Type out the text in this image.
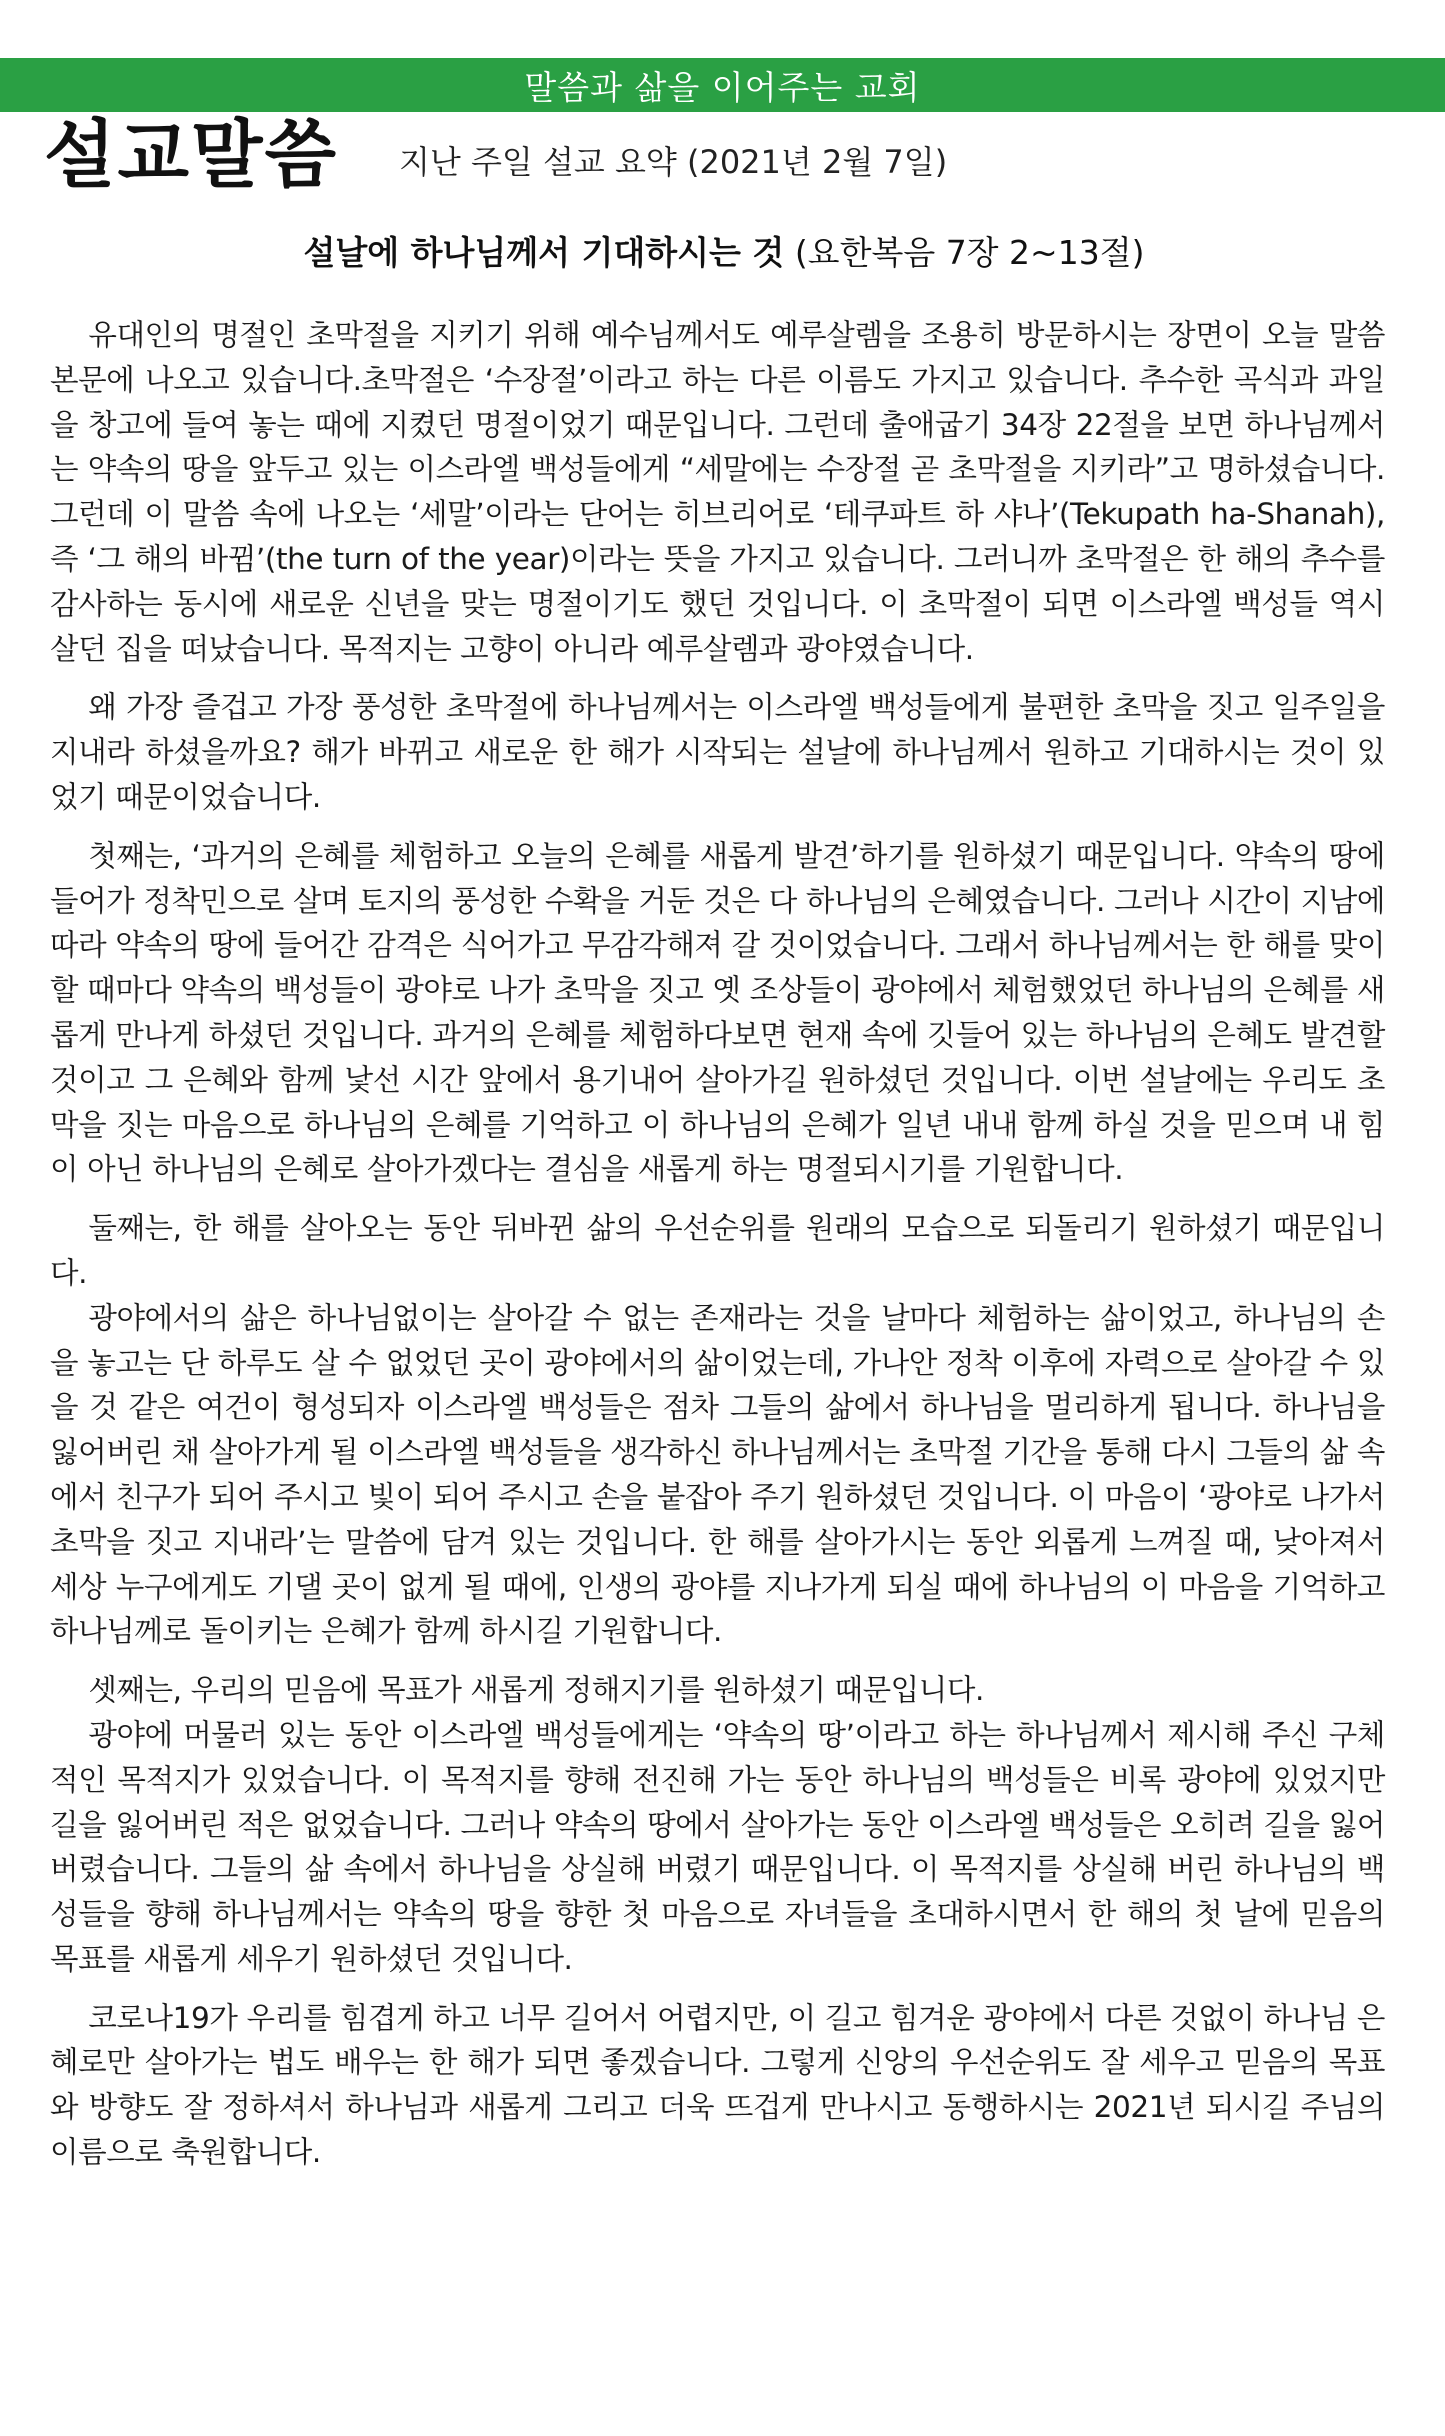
말씀과 삶을 이어주는 교회
설교말씀 지난 주일 설교 요약 (2021년 2월 7일)
설날에 하나님께서 기대하시는 것 (요한복음 7장 2~13절)

유대인의 명절인 초막절을 지키기 위해 예수님께서도 예루살렘을 조용히 방문하시는 장면이 오늘 말씀 본문에 나오고 있습니다.초막절은 ‘수장절’이라고 하는 다른 이름도 가지고 있습니다. 추수한 곡식과 과일을 창고에 들여 놓는 때에 지켰던 명절이었기 때문입니다. 그런데 출애굽기 34장 22절을 보면 하나님께서는 약속의 땅을 앞두고 있는 이스라엘 백성들에게 “세말에는 수장절 곧 초막절을 지키라”고 명하셨습니다. 그런데 이 말씀 속에 나오는 ‘세말’이라는 단어는 히브리어로 ‘테쿠파트 하 샤나’(Tekupath ha-Shanah), 즉 ‘그 해의 바뀜’(the turn of the year)이라는 뜻을 가지고 있습니다. 그러니까 초막절은 한 해의 추수를 감사하는 동시에 새로운 신년을 맞는 명절이기도 했던 것입니다. 이 초막절이 되면 이스라엘 백성들 역시 살던 집을 떠났습니다. 목적지는 고향이 아니라 예루살렘과 광야였습니다.

왜 가장 즐겁고 가장 풍성한 초막절에 하나님께서는 이스라엘 백성들에게 불편한 초막을 짓고 일주일을 지내라 하셨을까요? 해가 바뀌고 새로운 한 해가 시작되는 설날에 하나님께서 원하고 기대하시는 것이 있었기 때문이었습니다.

첫째는, ‘과거의 은혜를 체험하고 오늘의 은혜를 새롭게 발견’하기를 원하셨기 때문입니다. 약속의 땅에 들어가 정착민으로 살며 토지의 풍성한 수확을 거둔 것은 다 하나님의 은혜였습니다. 그러나 시간이 지남에 따라 약속의 땅에 들어간 감격은 식어가고 무감각해져 갈 것이었습니다. 그래서 하나님께서는 한 해를 맞이할 때마다 약속의 백성들이 광야로 나가 초막을 짓고 옛 조상들이 광야에서 체험했었던 하나님의 은혜를 새롭게 만나게 하셨던 것입니다. 과거의 은혜를 체험하다보면 현재 속에 깃들어 있는 하나님의 은혜도 발견할 것이고 그 은혜와 함께 낯선 시간 앞에서 용기내어 살아가길 원하셨던 것입니다. 이번 설날에는 우리도 초막을 짓는 마음으로 하나님의 은혜를 기억하고 이 하나님의 은혜가 일년 내내 함께 하실 것을 믿으며 내 힘이 아닌 하나님의 은혜로 살아가겠다는 결심을 새롭게 하는 명절되시기를 기원합니다.

둘째는, 한 해를 살아오는 동안 뒤바뀐 삶의 우선순위를 원래의 모습으로 되돌리기 원하셨기 때문입니다.

광야에서의 삶은 하나님없이는 살아갈 수 없는 존재라는 것을 날마다 체험하는 삶이었고, 하나님의 손을 놓고는 단 하루도 살 수 없었던 곳이 광야에서의 삶이었는데, 가나안 정착 이후에 자력으로 살아갈 수 있을 것 같은 여건이 형성되자 이스라엘 백성들은 점차 그들의 삶에서 하나님을 멀리하게 됩니다. 하나님을 잃어버린 채 살아가게 될 이스라엘 백성들을 생각하신 하나님께서는 초막절 기간을 통해 다시 그들의 삶 속에서 친구가 되어 주시고 빛이 되어 주시고 손을 붙잡아 주기 원하셨던 것입니다. 이 마음이 ‘광야로 나가서 초막을 짓고 지내라’는 말씀에 담겨 있는 것입니다. 한 해를 살아가시는 동안 외롭게 느껴질 때, 낮아져서 세상 누구에게도 기댈 곳이 없게 될 때에, 인생의 광야를 지나가게 되실 때에 하나님의 이 마음을 기억하고 하나님께로 돌이키는 은혜가 함께 하시길 기원합니다.

셋째는, 우리의 믿음에 목표가 새롭게 정해지기를 원하셨기 때문입니다.

광야에 머물러 있는 동안 이스라엘 백성들에게는 ‘약속의 땅’이라고 하는 하나님께서 제시해 주신 구체적인 목적지가 있었습니다. 이 목적지를 향해 전진해 가는 동안 하나님의 백성들은 비록 광야에 있었지만 길을 잃어버린 적은 없었습니다. 그러나 약속의 땅에서 살아가는 동안 이스라엘 백성들은 오히려 길을 잃어버렸습니다. 그들의 삶 속에서 하나님을 상실해 버렸기 때문입니다. 이 목적지를 상실해 버린 하나님의 백성들을 향해 하나님께서는 약속의 땅을 향한 첫 마음으로 자녀들을 초대하시면서 한 해의 첫 날에 믿음의 목표를 새롭게 세우기 원하셨던 것입니다.

코로나19가 우리를 힘겹게 하고 너무 길어서 어렵지만, 이 길고 힘겨운 광야에서 다른 것없이 하나님 은혜로만 살아가는 법도 배우는 한 해가 되면 좋겠습니다. 그렇게 신앙의 우선순위도 잘 세우고 믿음의 목표와 방향도 잘 정하셔서 하나님과 새롭게 그리고 더욱 뜨겁게 만나시고 동행하시는 2021년 되시길 주님의 이름으로 축원합니다.
